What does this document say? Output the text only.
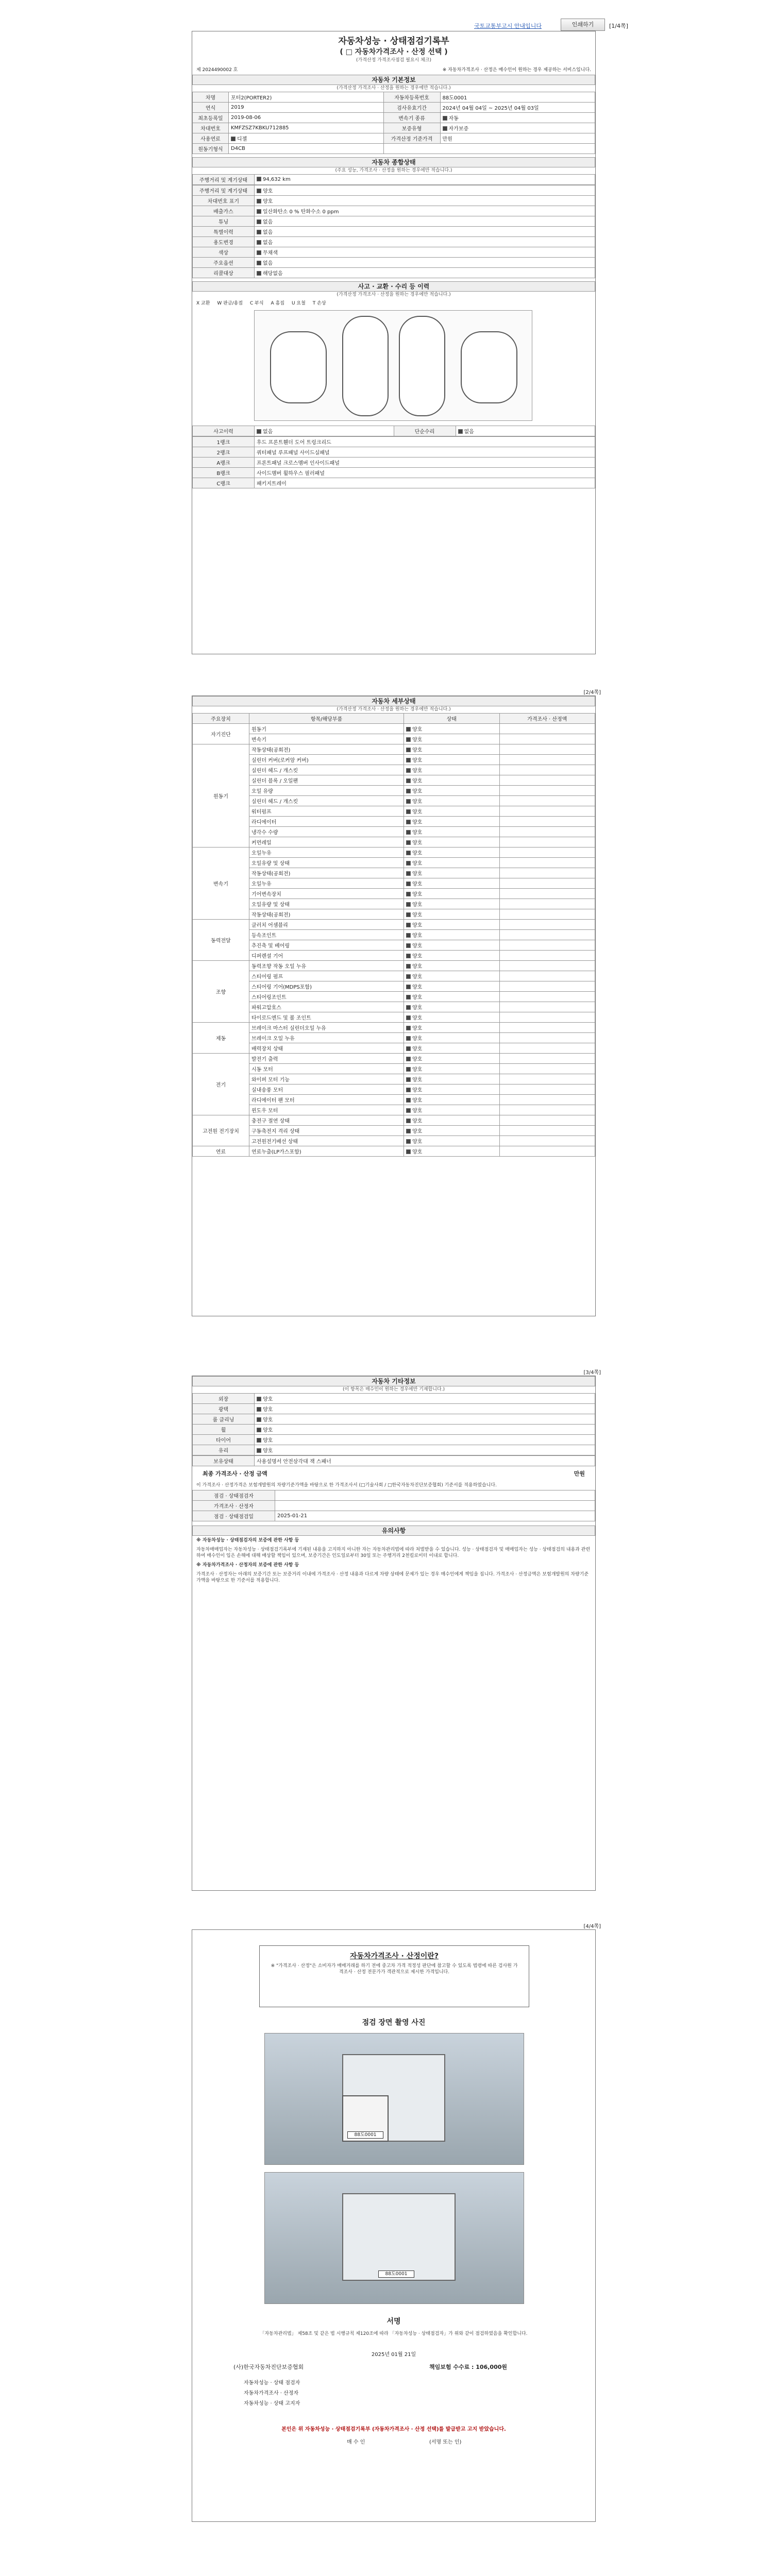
국토교통부고시 안내입니다	인쇄하기	[1/4쪽]
자동차성능 · 상태점검기록부
( □ 자동차가격조사 · 산정 선택 )
(가격산정 가격조사점검 필요시 체크)
제 2024490002 호	※ 자동차가격조사 · 산정은 매수인이 원하는 경우 제공하는 서비스입니다.
자동차 기본정보
(가격산정 가격조사 · 산정을 원하는 경우에만 적습니다.)
차명	포터2(PORTER2)	자동차등록번호	88도0001
연식	2019	검사유효기간	2024년 04월 04일 ~ 2025년 04월 03일
최초등록일	2019-08-06	변속기 종류	자동
차대번호	KMFZSZ7KBKU712885	보증유형	자가보증
사용연료	디젤	가격산정 기준가격	만원
원동기형식	D4CB		
자동차 종합상태
(주요 성능, 가격조사 · 산정을 원하는 경우에만 적습니다.)
주행거리 및 계기상태	94,632 km
주행거리 및 계기상태	양호
차대번호 표기	양호
배출가스	일산화탄소 0 % 탄화수소 0 ppm
튜닝	없음
특별이력	없음
용도변경	없음
색상	무채색
주요옵션	없음
리콜대상	해당없음
사고 · 교환 · 수리 등 이력
(가격산정 가격조사 · 산정을 원하는 경우에만 적습니다.)
X 교환 W 판금/용접 C 부식 A 흠집 U 요철 T 손상
사고이력	없음	단순수리	없음
1랭크	후드 프론트휀더 도어 트렁크리드
2랭크	쿼터패널 루프패널 사이드실패널
A랭크	프론트패널 크로스멤버 인사이드패널
B랭크	사이드멤버 휠하우스 필러패널
C랭크	패키지트레이
[2/4쪽]
자동차 세부상태
(가격산정 가격조사 · 산정을 원하는 경우에만 적습니다.)
주요장치	항목/해당부품	상태	가격조사 · 산정액
자기진단	원동기	양호	
	변속기	양호	
원동기	작동상태(공회전)	양호	
	실린더 커버(로커암 커버)	양호	
	실린더 헤드 / 개스킷	양호	
	실린더 블록 / 오일팬	양호	
	오일 유량	양호	
	실린더 헤드 / 개스킷	양호	
	워터펌프	양호	
	라디에이터	양호	
	냉각수 수량	양호	
	커먼레일	양호	
변속기	오일누유	양호	
	오일유량 및 상태	양호	
	작동상태(공회전)	양호	
	오일누유	양호	
	기어변속장치	양호	
	오일유량 및 상태	양호	
	작동상태(공회전)	양호	
동력전달	클러치 어셈블리	양호	
	등속조인트	양호	
	추진축 및 베어링	양호	
	디퍼렌셜 기어	양호	
조향	동력조향 작동 오일 누유	양호	
	스티어링 펌프	양호	
	스티어링 기어(MDPS포함)	양호	
	스티어링조인트	양호	
	파워고압호스	양호	
	타이로드엔드 및 볼 조인트	양호	
제동	브레이크 마스터 실린더오일 누유	양호	
	브레이크 오일 누유	양호	
	배력장치 상태	양호	
전기	발전기 출력	양호	
	시동 모터	양호	
	와이퍼 모터 기능	양호	
	실내송풍 모터	양호	
	라디에이터 팬 모터	양호	
	윈도우 모터	양호	
고전원 전기장치	충전구 절연 상태	양호	
	구동축전지 격리 상태	양호	
	고전원전기배선 상태	양호	
연료	연료누출(LP가스포함)	양호	
[3/4쪽]
자동차 기타정보
(이 항목은 매수인이 원하는 경우에만 기재합니다.)
외장	양호
광택	양호
룸 클리닝	양호
휠	양호
타이어	양호
유리	양호
보유상태	사용설명서 안전삼각대 잭 스패너
최종 가격조사 · 산정 금액	만원
이 가격조사 · 산정가격은 보험개발원의 차량기준가액을 바탕으로 한 가격조사서 (□기술사회 / □한국자동차진단보증협회) 기준서를 적용하였습니다.
점검 · 상태점검자	
가격조사 · 산정자	
점검 · 상태점검일	2025-01-21
유의사항
※ 자동차성능 · 상태점검자의 보증에 관한 사항 등
자동차매매업자는 자동차성능 · 상태점검기록부에 기재된 내용을 고지하지 아니한 자는 자동차관리법에 따라 처벌받을 수 있습니다. 성능 · 상태점검자 및 매매업자는 성능 · 상태점검의 내용과 관련하여 매수인이 입은 손해에 대해 배상할 책임이 있으며, 보증기간은 인도일로부터 30일 또는 주행거리 2천킬로미터 이내로 합니다.
※ 자동차가격조사 · 산정자의 보증에 관한 사항 등
가격조사 · 산정자는 아래의 보증기간 또는 보증거리 이내에 가격조사 · 산정 내용과 다르게 차량 상태에 문제가 있는 경우 매수인에게 책임을 집니다. 가격조사 · 산정금액은 보험개발원의 차량기준가액을 바탕으로 한 기준서를 적용합니다.
[4/4쪽]
자동차가격조사 · 산정이란?
※ "가격조사 · 산정"은 소비자가 매매거래를 하기 전에 중고차 가격 적정성 판단에 참고할 수 있도록 법령에 따른 검사원 가격조사 · 산정 전문가가 객관적으로 제시한 가격입니다.
점검 장면 촬영 사진
88도0001
88도0001
서명
「자동차관리법」 제58조 및 같은 법 시행규칙 제120조에 따라 「자동차성능 · 상태점검자」가 위와 같이 점검하였음을 확인합니다.
2025년 01월 21일
(사)한국자동차진단보증협회	책임보험 수수료 : 106,000원
자동차성능 · 상태 점검자
자동차가격조사 · 산정자
자동차성능 · 상태 고지자
본인은 위 자동차성능 · 상태점검기록부 (자동차가격조사 · 산정 선택)를 발급받고 고지 받았습니다.
매 수 인	(서명 또는 인)
